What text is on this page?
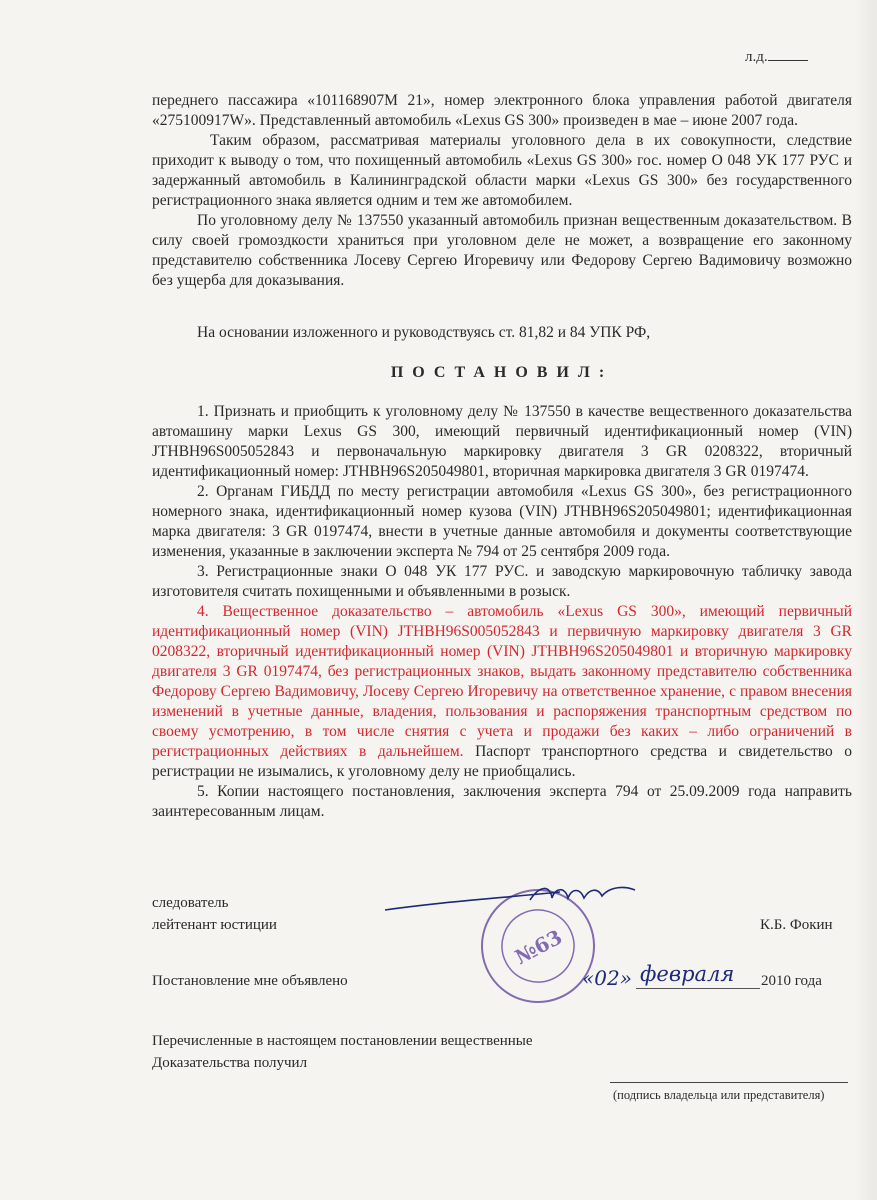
л.д.

переднего пассажира «101168907М 21», номер электронного блока управления работой двигателя «275100917W». Представленный автомобиль «Lexus GS 300» произведен в мае – июне 2007 года.

Таким образом, рассматривая материалы уголовного дела в их совокупности, следствие приходит к выводу о том, что похищенный автомобиль «Lexus GS 300» гос. номер О 048 УК 177 РУС и задержанный автомобиль в Калининградской области марки «Lexus GS 300» без государственного регистрационного знака является одним и тем же автомобилем.

По уголовному делу № 137550 указанный автомобиль признан вещественным доказательством. В силу своей громоздкости храниться при уголовном деле не может, а возвращение его законному представителю собственника Лосеву Сергею Игоревичу или Федорову Сергею Вадимовичу возможно без ущерба для доказывания.

На основании изложенного и руководствуясь ст. 81,82 и 84 УПК РФ,

ПОСТАНОВИЛ:

1. Признать и приобщить к уголовному делу № 137550 в качестве вещественного доказательства автомашину марки Lexus GS 300, имеющий первичный идентификационный номер (VIN) JTHBH96S005052843 и первоначальную маркировку двигателя 3 GR 0208322, вторичный идентификационный номер: JTHBH96S205049801, вторичная маркировка двигателя 3 GR 0197474.

2. Органам ГИБДД по месту регистрации автомобиля «Lexus GS 300», без регистрационного номерного знака, идентификационный номер кузова (VIN) JTHBH96S205049801; идентификационная марка двигателя: 3 GR 0197474, внести в учетные данные автомобиля и документы соответствующие изменения, указанные в заключении эксперта № 794 от 25 сентября 2009 года.

3. Регистрационные знаки О 048 УК 177 РУС. и заводскую маркировочную табличку завода изготовителя считать похищенными и объявленными в розыск.

4. Вещественное доказательство – автомобиль «Lexus GS 300», имеющий первичный идентификационный номер (VIN) JTHBH96S005052843 и первичную маркировку двигателя 3 GR 0208322, вторичный идентификационный номер (VIN) JTHBH96S205049801 и вторичную маркировку двигателя 3 GR 0197474, без регистрационных знаков, выдать законному представителю собственника Федорову Сергею Вадимовичу, Лосеву Сергею Игоревичу на ответственное хранение, с правом внесения изменений в учетные данные, владения, пользования и распоряжения транспортным средством по своему усмотрению, в том числе снятия с учета и продажи без каких – либо ограничений в регистрационных действиях в дальнейшем. Паспорт транспортного средства и свидетельство о регистрации не изымались, к уголовному делу не приобщались.

5. Копии настоящего постановления, заключения эксперта 794 от 25.09.2009 года направить заинтересованным лицам.

следователь
лейтенант юстиции	К.Б. Фокин
№63
Постановление мне объявлено	«02» февраля 2010 года
Перечисленные в настоящем постановлении вещественные
Доказательства получил
(подпись владельца или представителя)
